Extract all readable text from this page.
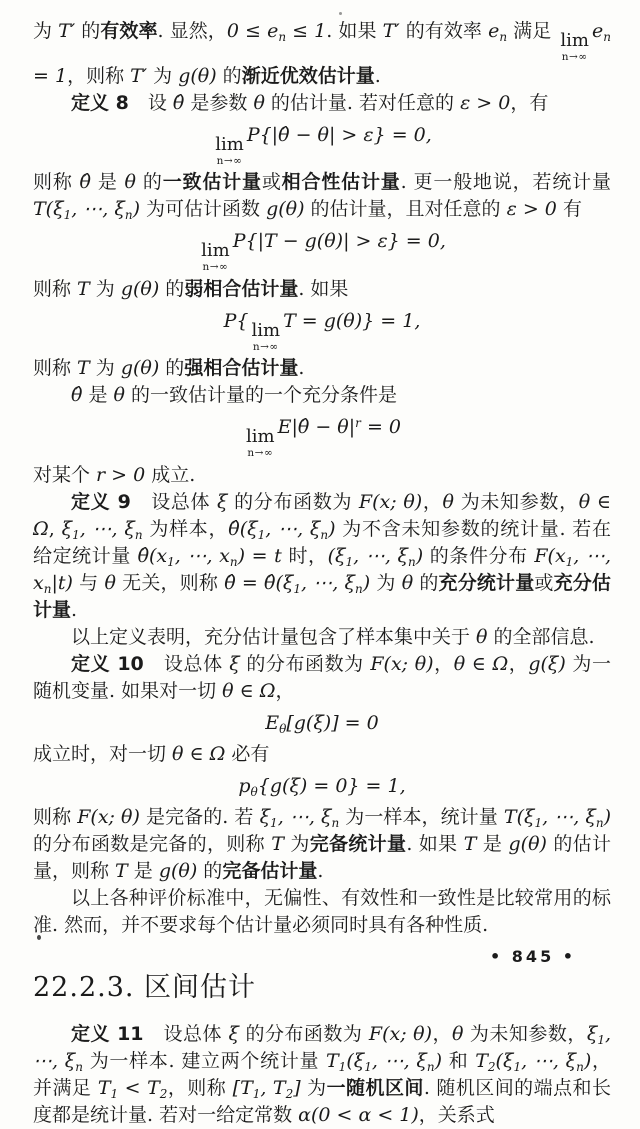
为 T′ 的有效率. 显然，$0 \le e_n \le 1$. 如果 T′ 的有效率 $e_n$ 满足 lim
n→∞
$e_n = 1$，则称 T′ 为 g(θ) 的渐近优效估计量.
定义 8　设 θ̂ 是参数 θ 的估计量. 若对任意的 ε > 0，有
lim
n→∞
P{|θ̂ − θ| > ε} = 0,
则称 θ̂ 是 θ 的一致估计量或相合性估计量. 更一般地说，若统计量 $T(\xi_1$, ⋯, $\xi_n$) 为可估计函数 g(θ) 的估计量，且对任意的 ε > 0 有
lim
n→∞
P{|T − g(θ)| > ε} = 0,
则称 T 为 g(θ) 的弱相合估计量. 如果
P{ lim
n→∞
T = g(θ)} = 1,
则称 T 为 g(θ) 的强相合估计量.
θ̂ 是 θ 的一致估计量的一个充分条件是
lim
n→∞
E|θ̂ − $\theta|^r = 0$
对某个 r > 0 成立.
定义 9　设总体 ξ 的分布函数为 F(x; θ)，θ 为未知参数，θ ∈ Ω, $\xi_1$, ⋯, $\xi_n$ 为样本，$\thetâ(\xi_1$, ⋯, $\xi_n$) 为不含未知参数的统计量. 若在给定统计量 $\thetâ(x_1$, ⋯, $x_n) = t$ 时，($\xi_1$, ⋯, $\xi_n$) 的条件分布 $F(x_1$, ⋯, $x_n|t$) 与 θ 无关，则称 θ̂ = $\thetâ(\xi_1$, ⋯, $\xi_n$) 为 θ 的充分统计量或充分估计量.
以上定义表明，充分估计量包含了样本集中关于 θ 的全部信息.
定义 10　设总体 ξ 的分布函数为 F(x; θ)，θ ∈ Ω，g(ξ) 为一随机变量. 如果对一切 θ ∈ Ω，
$E_\theta[g(\xi)] = 0$
成立时，对一切 θ ∈ Ω 必有
$p_\theta\{g(\xi) = 0\} = 1$,
则称 F(x; θ) 是完备的. 若 $\xi_1$, ⋯, $\xi_n$ 为一样本，统计量 $T(\xi_1$, ⋯, $\xi_n$) 的分布函数是完备的，则称 T 为完备统计量. 如果 T 是 g(θ) 的估计量，则称 T 是 g(θ) 的完备估计量.
以上各种评价标准中，无偏性、有效性和一致性是比较常用的标准. 然而，并不要求每个估计量必须同时具有各种性质.
22.2.3. 区间估计
定义 11　设总体 ξ 的分布函数为 F(x; θ)，θ 为未知参数，$\xi_1$, ⋯, $\xi_n$ 为一样本. 建立两个统计量 $T_1(\xi_1$, ⋯, $\xi_n$) 和 $T_2(\xi_1$, ⋯, $\xi_n$)，并满足 $T_1 < T_2$，则称 [$T_1$, $T_2$] 为一随机区间. 随机区间的端点和长度都是统计量. 若对一给定常数 α(0 < α < 1)，关系式
• 845 •
